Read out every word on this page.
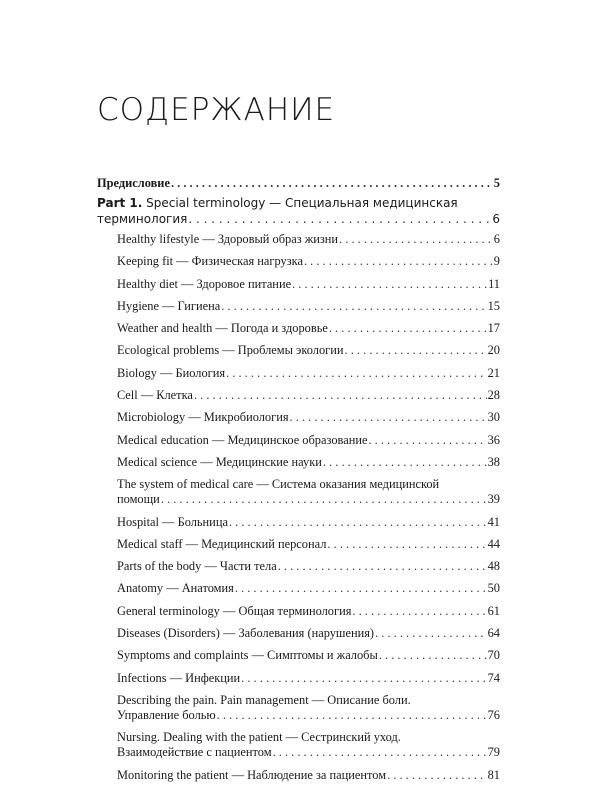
СОДЕРЖАНИЕ
Предисловие . . .	5
Part 1. Special terminology — Специальная медицинская
терминология . . .	6
Healthy lifestyle — Здоровый образ жизни . . .	6
Keeping fit — Физическая нагрузка . . .	9
Healthy diet — Здоровое питание . . .	11
Hygiene — Гигиена . . .	15
Weather and health — Погода и здоровье . . .	17
Ecological problems — Проблемы экологии . . .	20
Biology — Биология . . .	21
Cell — Клетка . . .	28
Microbiology — Микробиология . . .	30
Medical education — Медицинское образование . . .	36
Medical science — Медицинские науки . . .	38
The system of medical care — Система оказания медицинской
помощи . . .	39
Hospital — Больница . . .	41
Medical staff — Медицинский персонал . . .	44
Parts of the body — Части тела . . .	48
Anatomy — Анатомия . . .	50
General terminology — Общая терминология . . .	61
Diseases (Disorders) — Заболевания (нарушения) . . .	64
Symptoms and complaints — Симптомы и жалобы . . .	70
Infections — Инфекции . . .	74
Describing the pain. Pain management — Описание боли.
Управление болью . . .	76
Nursing. Dealing with the patient — Сестринский уход.
Взаимодействие с пациентом . . .	79
Monitoring the patient — Наблюдение за пациентом . . .	81
